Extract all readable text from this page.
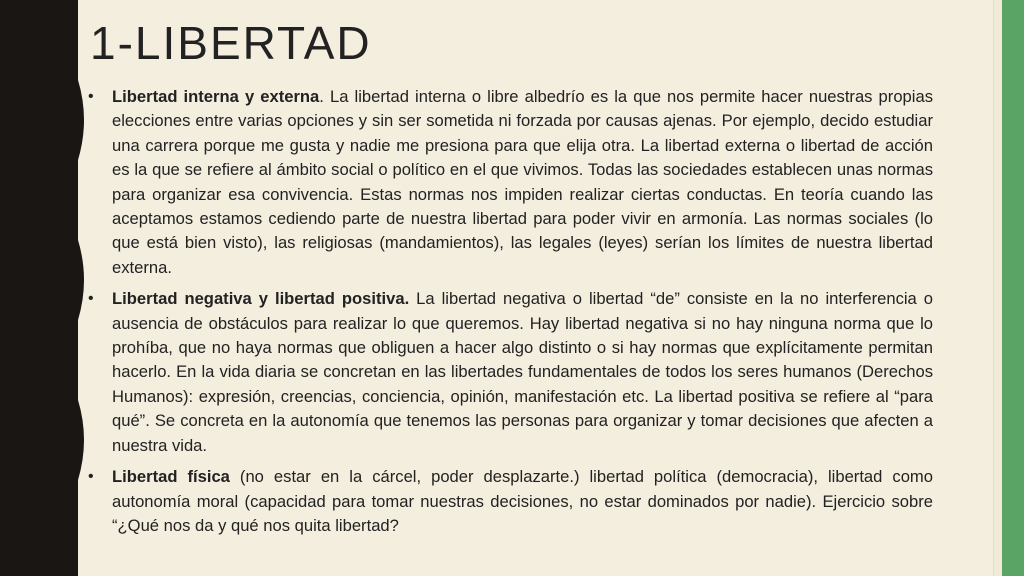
1-LIBERTAD
• Libertad interna y externa. La libertad interna o libre albedrío es la que nos permite hacer nuestras propias elecciones entre varias opciones y sin ser sometida ni forzada por causas ajenas. Por ejemplo, decido estudiar una carrera porque me gusta y nadie me presiona para que elija otra. La libertad externa o libertad de acción es la que se refiere al ámbito social o político en el que vivimos. Todas las sociedades establecen unas normas para organizar esa convivencia. Estas normas nos impiden realizar ciertas conductas. En teoría cuando las aceptamos estamos cediendo parte de nuestra libertad para poder vivir en armonía. Las normas sociales (lo que está bien visto), las religiosas (mandamientos), las legales (leyes) serían los límites de nuestra libertad externa.
• Libertad negativa y libertad positiva. La libertad negativa o libertad “de” consiste en la no interferencia o ausencia de obstáculos para realizar lo que queremos. Hay libertad negativa si no hay ninguna norma que lo prohíba, que no haya normas que obliguen a hacer algo distinto o si hay normas que explícitamente permitan hacerlo. En la vida diaria se concretan en las libertades fundamentales de todos los seres humanos (Derechos Humanos): expresión, creencias, conciencia, opinión, manifestación etc. La libertad positiva se refiere al “para qué”. Se concreta en la autonomía que tenemos las personas para organizar y tomar decisiones que afecten a nuestra vida.
• Libertad física (no estar en la cárcel, poder desplazarte.) libertad política (democracia), libertad como autonomía moral (capacidad para tomar nuestras decisiones, no estar dominados por nadie). Ejercicio sobre “¿Qué nos da y qué nos quita libertad?
